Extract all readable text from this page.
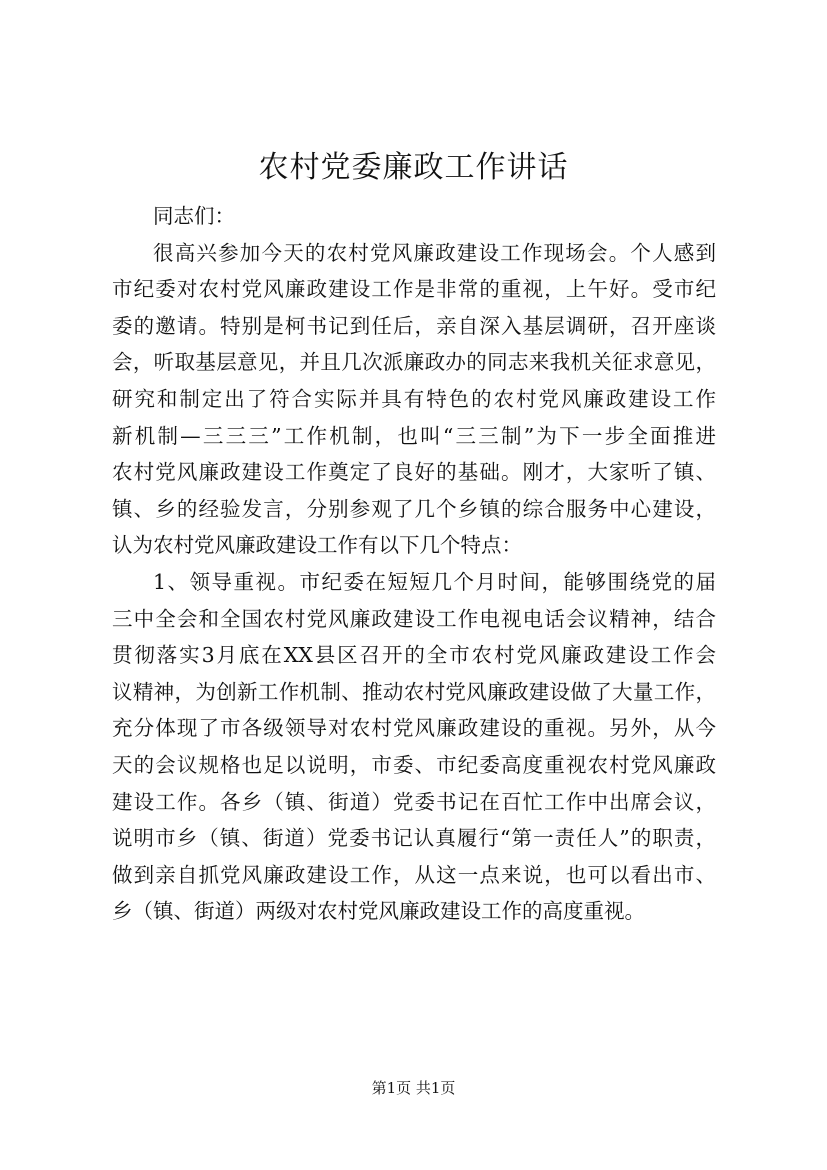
农村党委廉政工作讲话
同志们：
很高兴参加今天的农村党风廉政建设工作现场会。个人感到
市纪委对农村党风廉政建设工作是非常的重视，上午好。受市纪
委的邀请。特别是柯书记到任后，亲自深入基层调研，召开座谈
会，听取基层意见，并且几次派廉政办的同志来我机关征求意见，
研究和制定出了符合实际并具有特色的农村党风廉政建设工作
新机制—三三三”工作机制，也叫“三三制”为下一步全面推进
农村党风廉政建设工作奠定了良好的基础。刚才，大家听了镇、
镇、乡的经验发言，分别参观了几个乡镇的综合服务中心建设，
认为农村党风廉政建设工作有以下几个特点：
1、领导重视。市纪委在短短几个月时间，能够围绕党的届
三中全会和全国农村党风廉政建设工作电视电话会议精神，结合
贯彻落实3月底在XX县区召开的全市农村党风廉政建设工作会
议精神，为创新工作机制、推动农村党风廉政建设做了大量工作，
充分体现了市各级领导对农村党风廉政建设的重视。另外，从今
天的会议规格也足以说明，市委、市纪委高度重视农村党风廉政
建设工作。各乡（镇、街道）党委书记在百忙工作中出席会议，
说明市乡（镇、街道）党委书记认真履行“第一责任人”的职责，
做到亲自抓党风廉政建设工作，从这一点来说，也可以看出市、
乡（镇、街道）两级对农村党风廉政建设工作的高度重视。
第1页 共1页
